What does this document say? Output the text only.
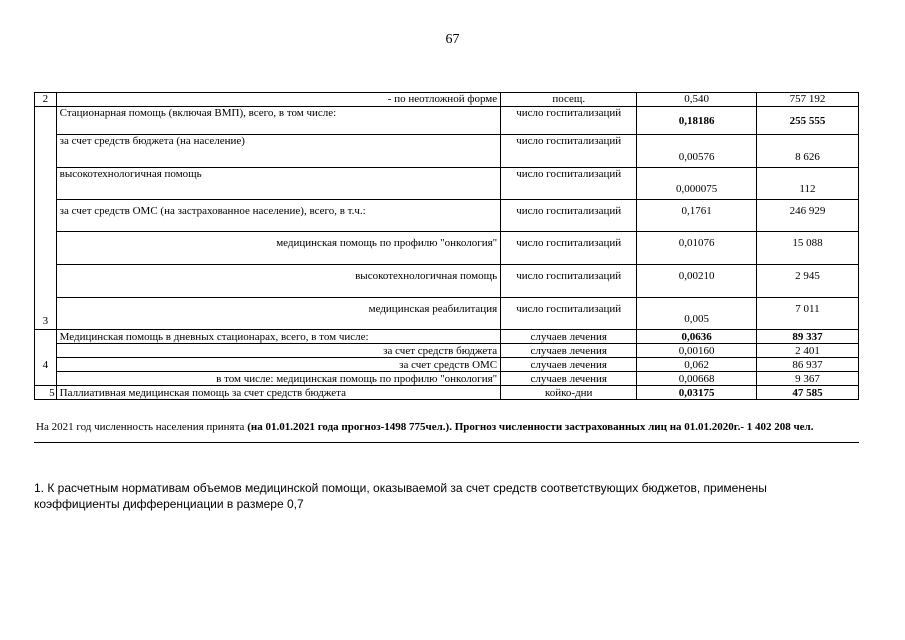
67
2	- по неотложной форме	посещ.	0,540	757 192
3	Стационарная помощь (включая ВМП), всего, в том числе:	число госпитализаций	0,18186	255 555
	за счет средств бюджета (на население)	число госпитализаций	0,00576	8 626
	высокотехнологичная помощь	число госпитализаций	0,000075	112
	за счет средств ОМС (на застрахованное население), всего, в т.ч.:	число госпитализаций	0,1761	246 929
	медицинская помощь по профилю "онкология"	число госпитализаций	0,01076	15 088
	высокотехнологичная помощь	число госпитализаций	0,00210	2 945
	медицинская реабилитация	число госпитализаций	0,005	7 011
4	Медицинская помощь в дневных стационарах, всего, в том числе:	случаев лечения	0,0636	89 337
	за счет средств бюджета	случаев лечения	0,00160	2 401
	за счет средств ОМС	случаев лечения	0,062	86 937
	в том числе: медицинская помощь по профилю "онкология"	случаев лечения	0,00668	9 367
5	Паллиативная медицинская помощь за счет средств бюджета	койко-дни	0,03175	47 585
На 2021 год численность населения принята (на 01.01.2021 года прогноз-1498 775чел.). Прогноз численности застрахованных лиц на 01.01.2020г.- 1 402 208 чел.
1. К расчетным нормативам объемов медицинской помощи, оказываемой за счет средств соответствующих бюджетов, применены коэффициенты дифференциации в размере 0,7
